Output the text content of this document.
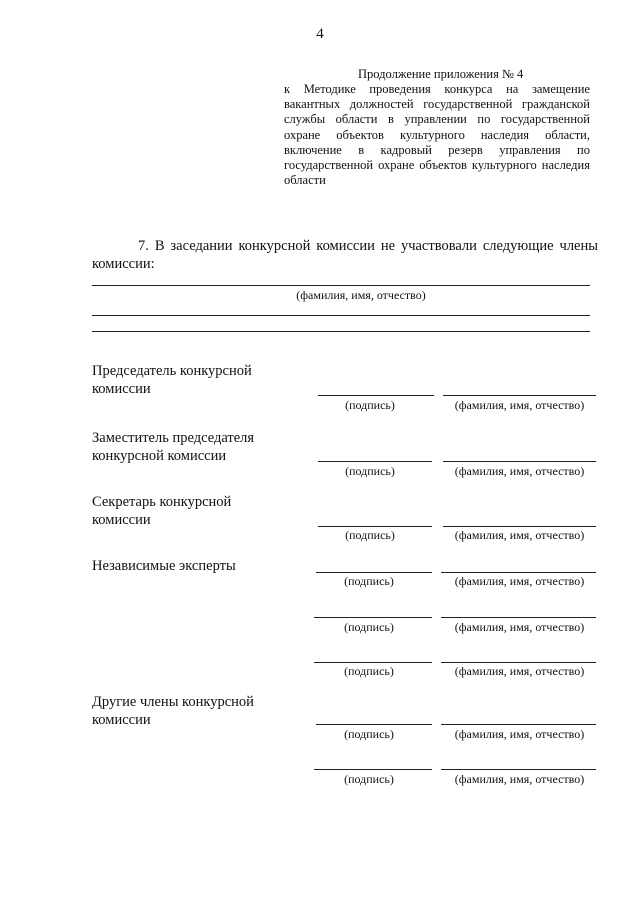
4
Продолжение приложения № 4
к Методике проведения конкурса на замещение вакантных должностей государственной гражданской службы области в управлении по государственной охране объектов культурного наследия области, включение в кадровый резерв управления по государственной охране объектов культурного наследия области
7. В заседании конкурсной комиссии не участвовали следующие члены комиссии:
(фамилия, имя, отчество)
Председатель конкурсной комиссии
(подпись)	(фамилия, имя, отчество)
Заместитель председателя конкурсной комиссии
(подпись)	(фамилия, имя, отчество)
Секретарь конкурсной комиссии
(подпись)	(фамилия, имя, отчество)
Независимые эксперты
(подпись)	(фамилия, имя, отчество)
(подпись)	(фамилия, имя, отчество)
(подпись)	(фамилия, имя, отчество)
Другие члены конкурсной комиссии
(подпись)	(фамилия, имя, отчество)
(подпись)	(фамилия, имя, отчество)
